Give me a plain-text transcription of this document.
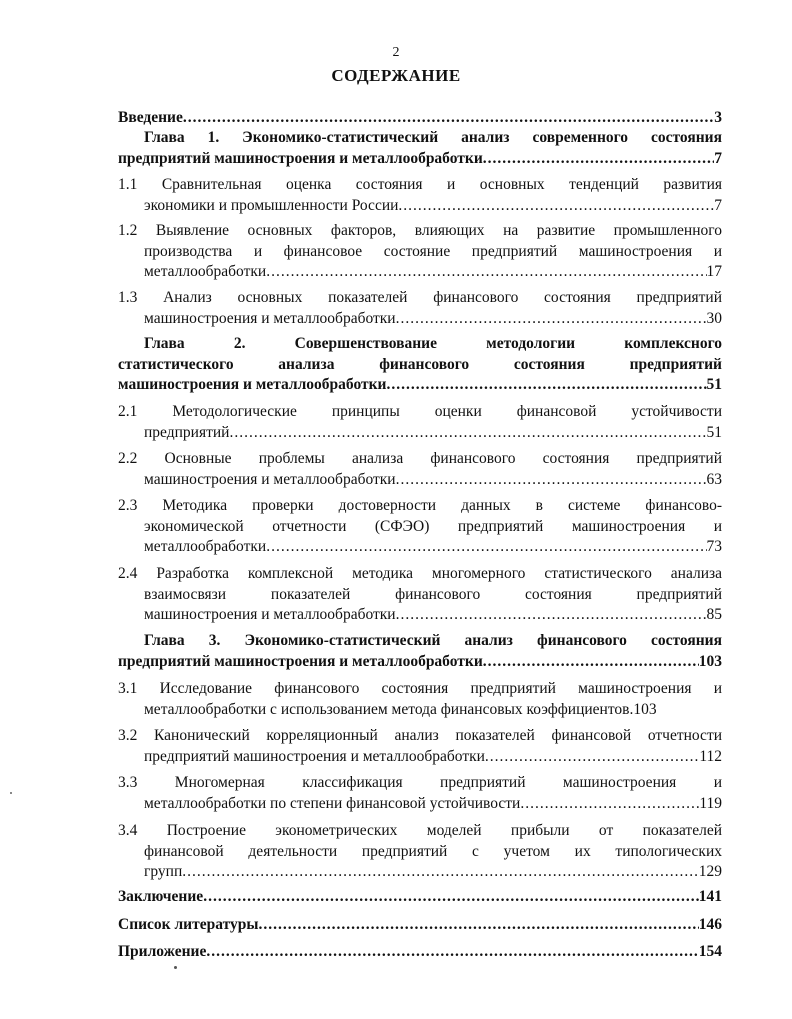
2
СОДЕРЖАНИЕ
Введение .....	3
Глава 1. Экономико-статистический анализ современного состояния
предприятий машиностроения и металлообработки .....	7
1.1 Сравнительная оценка состояния и основных тенденций развития
экономики и промышленности России .....	7
1.2 Выявление основных факторов, влияющих на развитие промышленного
производства и финансовое состояние предприятий машиностроения и
металлообработки .....	17
1.3 Анализ основных показателей финансового состояния предприятий
машиностроения и металлообработки .....	30
Глава 2. Совершенствование методологии комплексного
статистического анализа финансового состояния предприятий
машиностроения и металлообработки .....	51
2.1 Методологические принципы оценки финансовой устойчивости
предприятий .....	51
2.2 Основные проблемы анализа финансового состояния предприятий
машиностроения и металлообработки .....	63
2.3 Методика проверки достоверности данных в системе финансово-
экономической отчетности (СФЭО) предприятий машиностроения и
металлообработки .....	73
2.4 Разработка комплексной методика многомерного статистического анализа
взаимосвязи показателей финансового состояния предприятий
машиностроения и металлообработки .....	85
Глава 3. Экономико-статистический анализ финансового состояния
предприятий машиностроения и металлообработки .....	103
3.1 Исследование финансового состояния предприятий машиностроения и
металлообработки с использованием метода финансовых коэффициентов. 103
3.2 Канонический корреляционный анализ показателей финансовой отчетности
предприятий машиностроения и металлообработки .....	112
3.3 Многомерная классификация предприятий машиностроения и
металлообработки по степени финансовой устойчивости .....	119
3.4 Построение эконометрических моделей прибыли от показателей
финансовой деятельности предприятий с учетом их типологических
групп .....	129
Заключение .....	141
Список литературы .....	146
Приложение .....	154
